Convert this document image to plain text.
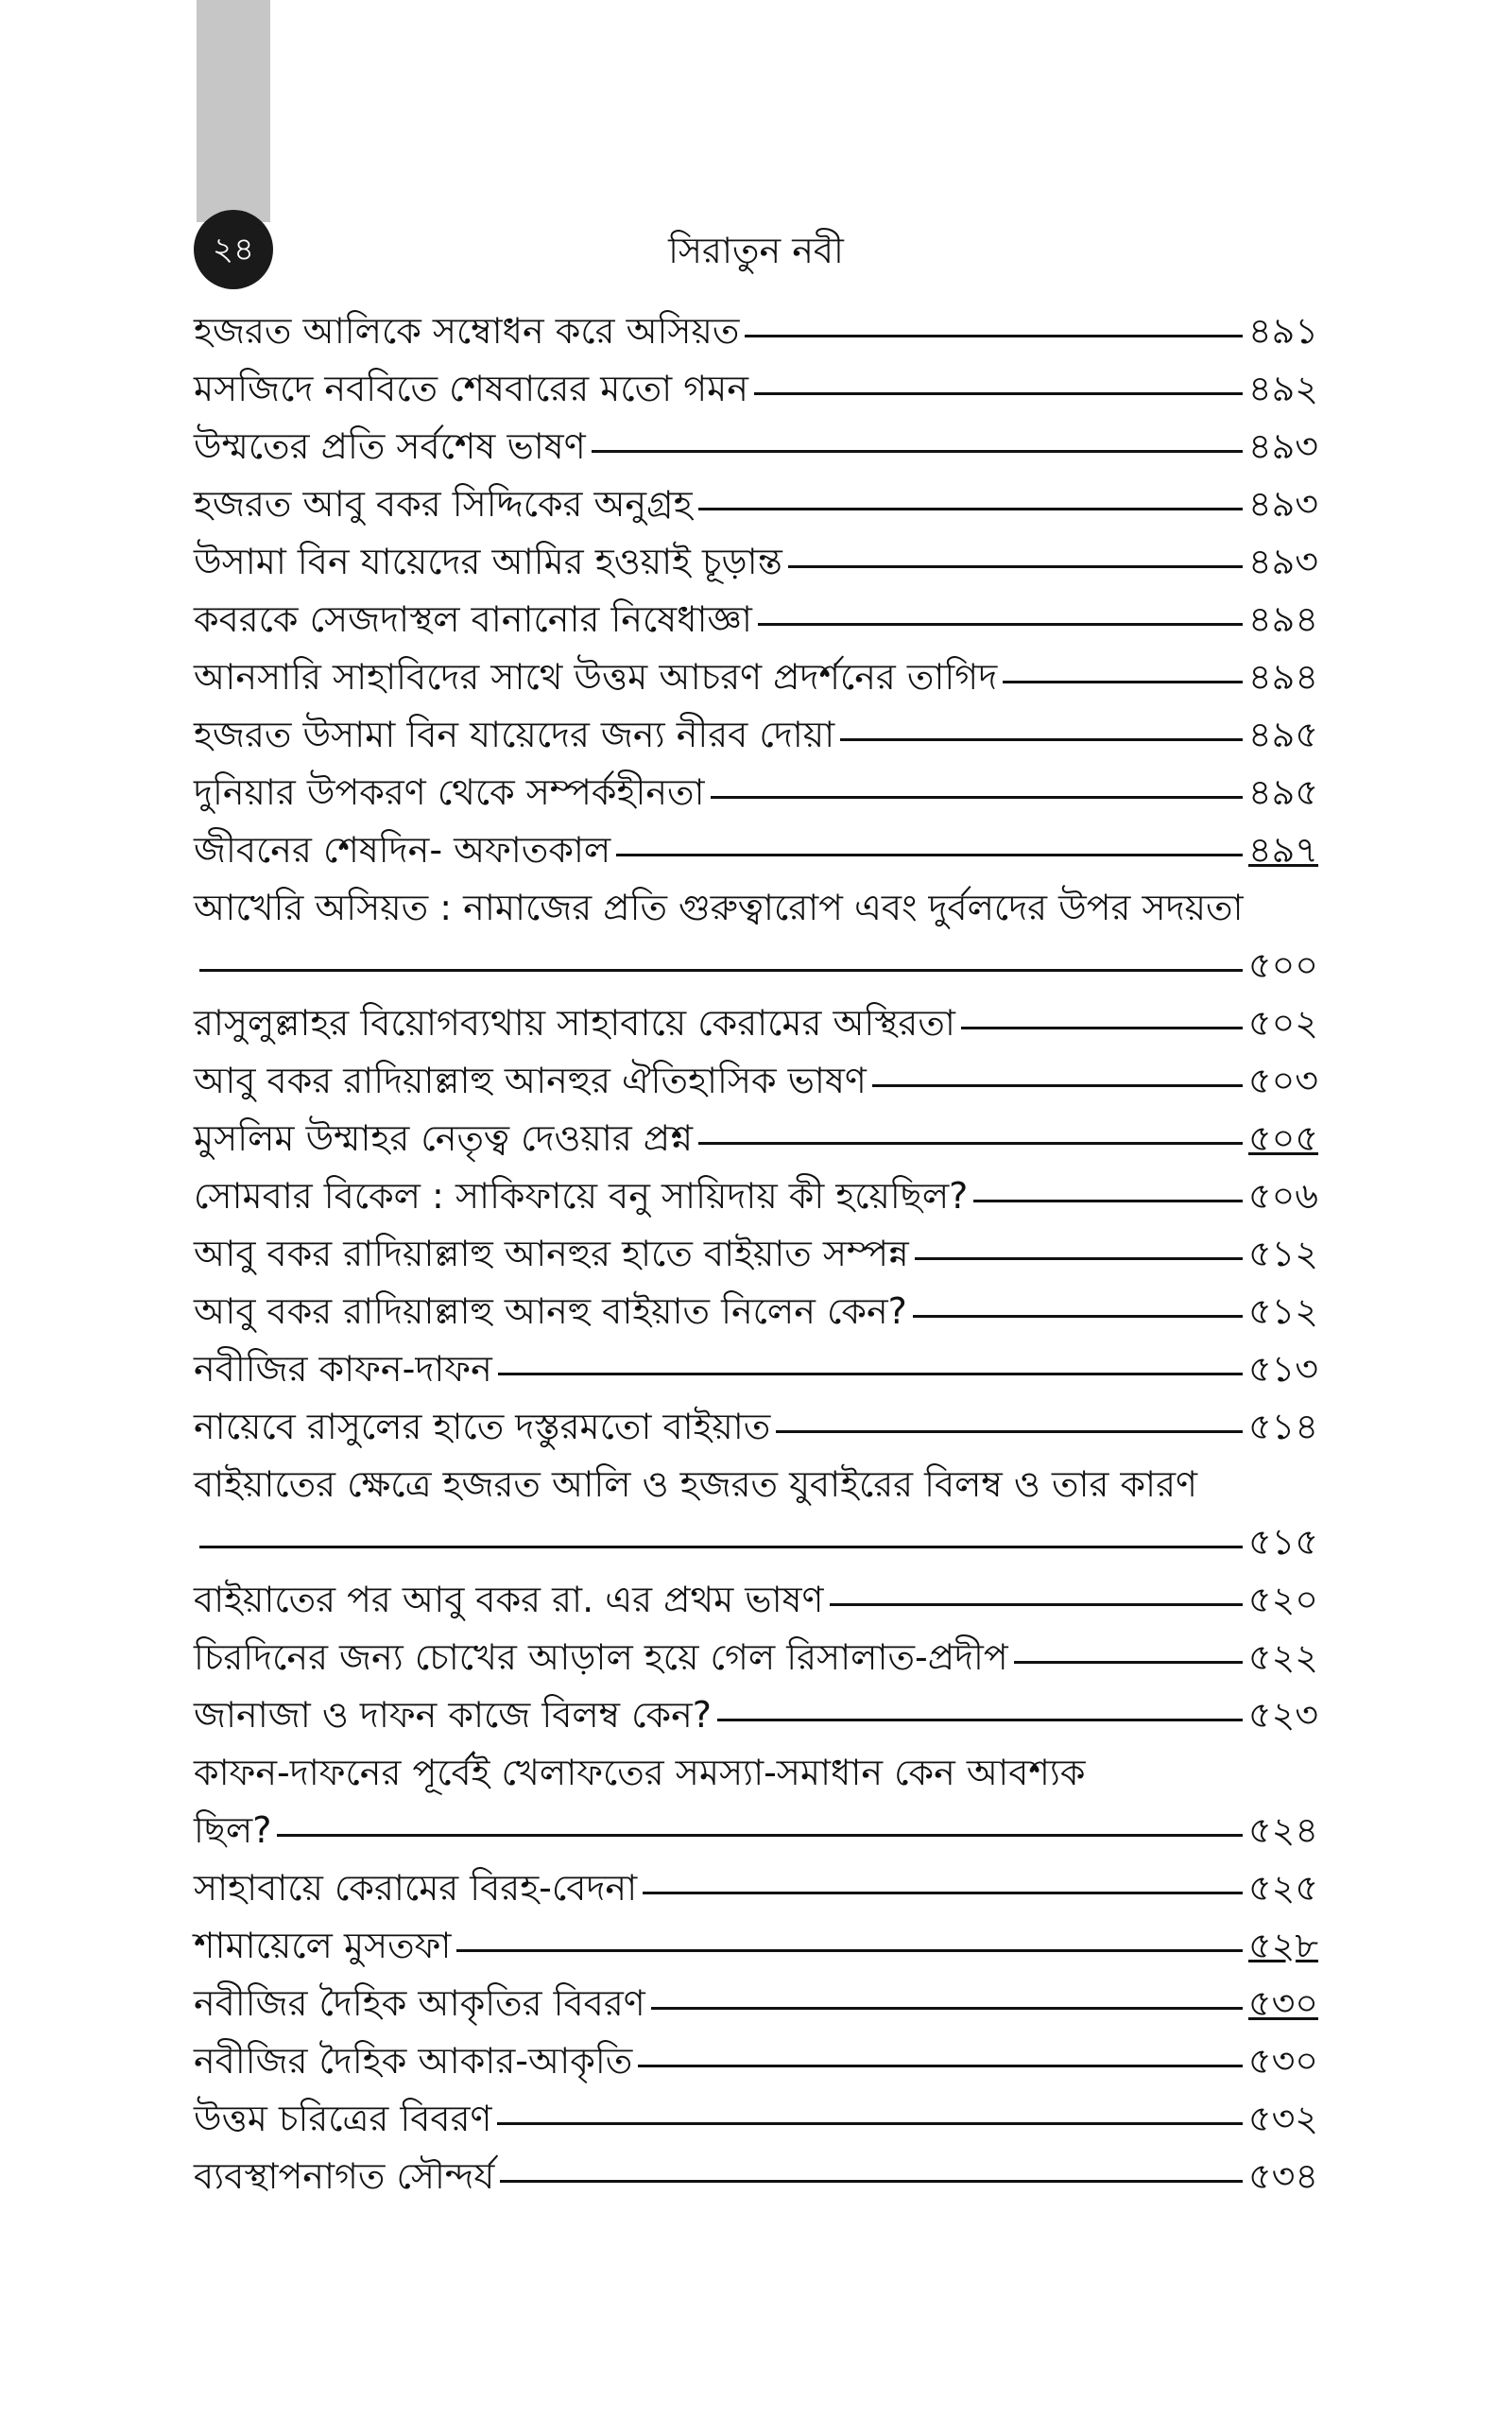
২৪	সিরাতুন নবী
হজরত আলিকে সম্বোধন করে অসিয়ত	৪৯১
মসজিদে নববিতে শেষবারের মতো গমন	৪৯২
উম্মতের প্রতি সর্বশেষ ভাষণ	৪৯৩
হজরত আবু বকর সিদ্দিকের অনুগ্রহ	৪৯৩
উসামা বিন যায়েদের আমির হওয়াই চূড়ান্ত	৪৯৩
কবরকে সেজদাস্থল বানানোর নিষেধাজ্ঞা	৪৯৪
আনসারি সাহাবিদের সাথে উত্তম আচরণ প্রদর্শনের তাগিদ	৪৯৪
হজরত উসামা বিন যায়েদের জন্য নীরব দোয়া	৪৯৫
দুনিয়ার উপকরণ থেকে সম্পর্কহীনতা	৪৯৫
জীবনের শেষদিন- অফাতকাল	৪৯৭
আখেরি অসিয়ত : নামাজের প্রতি গুরুত্বারোপ এবং দুর্বলদের উপর সদয়তা
৫০০
রাসুলুল্লাহর বিয়োগব্যথায় সাহাবায়ে কেরামের অস্থিরতা	৫০২
আবু বকর রাদিয়াল্লাহু আনহুর ঐতিহাসিক ভাষণ	৫০৩
মুসলিম উম্মাহর নেতৃত্ব দেওয়ার প্রশ্ন	৫০৫
সোমবার বিকেল : সাকিফায়ে বনু সায়িদায় কী হয়েছিল?	৫০৬
আবু বকর রাদিয়াল্লাহু আনহুর হাতে বাইয়াত সম্পন্ন	৫১২
আবু বকর রাদিয়াল্লাহু আনহু বাইয়াত নিলেন কেন?	৫১২
নবীজির কাফন-দাফন	৫১৩
নায়েবে রাসুলের হাতে দস্তুরমতো বাইয়াত	৫১৪
বাইয়াতের ক্ষেত্রে হজরত আলি ও হজরত যুবাইরের বিলম্ব ও তার কারণ
৫১৫
বাইয়াতের পর আবু বকর রা. এর প্রথম ভাষণ	৫২০
চিরদিনের জন্য চোখের আড়াল হয়ে গেল রিসালাত-প্রদীপ	৫২২
জানাজা ও দাফন কাজে বিলম্ব কেন?	৫২৩
কাফন-দাফনের পূর্বেই খেলাফতের সমস্যা-সমাধান কেন আবশ্যক
ছিল?	৫২৪
সাহাবায়ে কেরামের বিরহ-বেদনা	৫২৫
শামায়েলে মুসতফা	৫২৮
নবীজির দৈহিক আকৃতির বিবরণ	৫৩০
নবীজির দৈহিক আকার-আকৃতি	৫৩০
উত্তম চরিত্রের বিবরণ	৫৩২
ব্যবস্থাপনাগত সৌন্দর্য	৫৩৪
